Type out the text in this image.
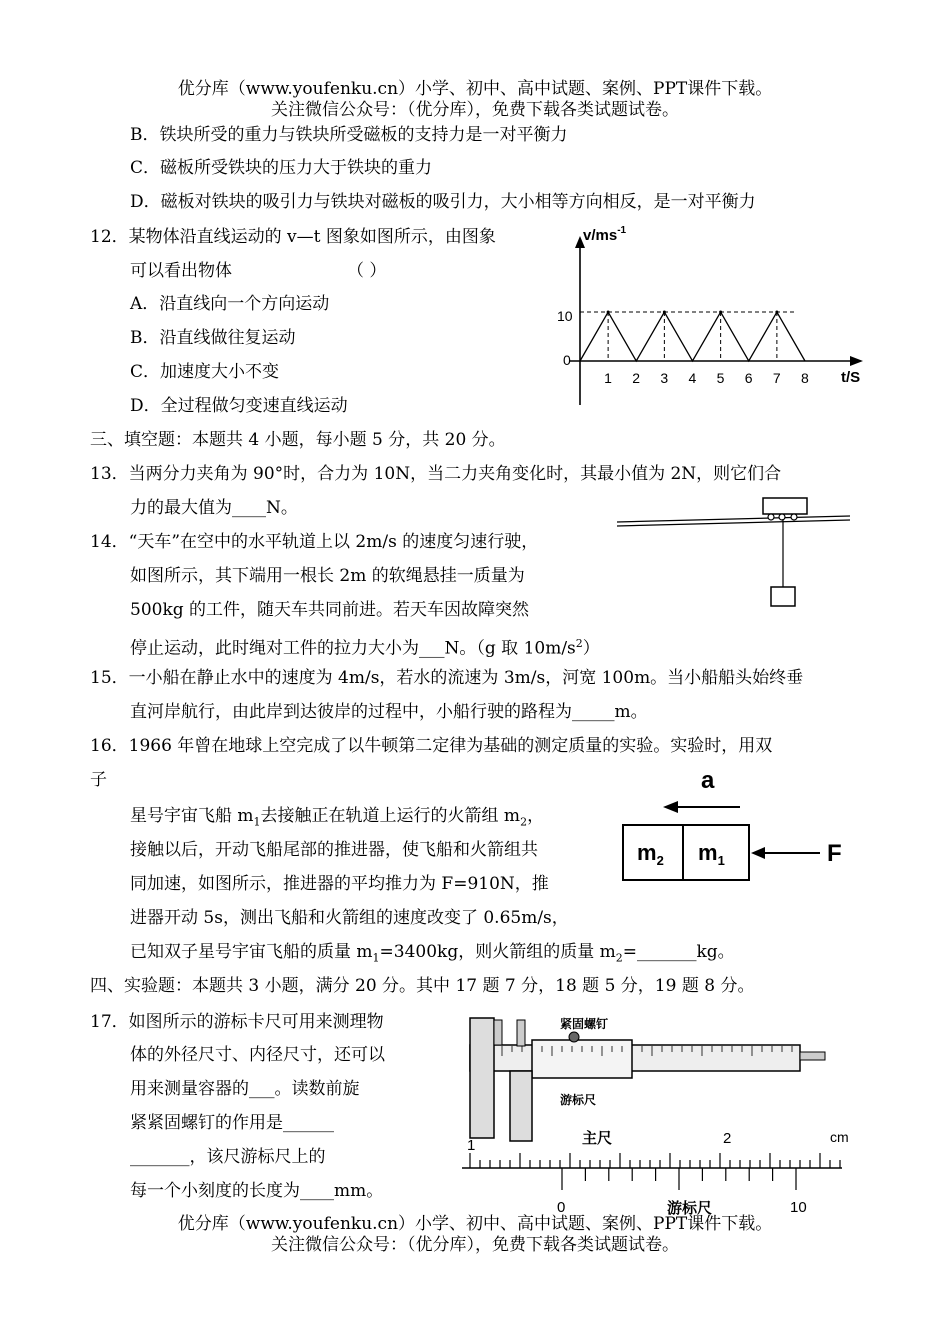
优分库（www.youfenku.cn）小学、初中、高中试题、案例、PPT课件下载。
关注微信公众号：（优分库），免费下载各类试题试卷。
B．铁块所受的重力与铁块所受磁板的支持力是一对平衡力
C．磁板所受铁块的压力大于铁块的重力
D．磁板对铁块的吸引力与铁块对磁板的吸引力，大小相等方向相反，是一对平衡力
12．某物体沿直线运动的 v—t 图象如图所示，由图象
可以看出物体	（ ）
A．沿直线向一个方向运动
B．沿直线做往复运动
C．加速度大小不变
D．全过程做匀变速直线运动
$v/ms^{-1}$
t/S
10
0
1 2 3 4 5 6 7 8
三、填空题：本题共 4 小题，每小题 5 分，共 20 分。
13．当两分力夹角为 90°时，合力为 10N，当二力夹角变化时，其最小值为 2N，则它们合
力的最大值为____N。
14．“天车”在空中的水平轨道上以 2m/s 的速度匀速行驶，
如图所示，其下端用一根长 2m 的软绳悬挂一质量为
500kg 的工件，随天车共同前进。若天车因故障突然
停止运动，此时绳对工件的拉力大小为___N。（g 取 $10m/s^2$）
15．一小船在静止水中的速度为 4m/s，若水的流速为 3m/s，河宽 100m。当小船船头始终垂
直河岸航行，由此岸到达彼岸的过程中，小船行驶的路程为_____m。
16．1966 年曾在地球上空完成了以牛顿第二定律为基础的测定质量的实验。实验时，用双
子
星号宇宙飞船 $m_1$去接触正在轨道上运行的火箭组 $m_2$，
接触以后，开动飞船尾部的推进器，使飞船和火箭组共
同加速，如图所示，推进器的平均推力为 F=910N，推
进器开动 5s，测出飞船和火箭组的速度改变了 0.65m/s，
已知双子星号宇宙飞船的质量 $m_1=3400kg$，则火箭组的质量 $m_2=\_\_\_\_\_\_\_kg$。
a
$m_2$ $m_1$	F
四、实验题：本题共 3 小题，满分 20 分。其中 17 题 7 分，18 题 5 分，19 题 8 分。
17．如图所示的游标卡尺可用来测理物
体的外径尺寸、内径尺寸，还可以
用来测量容器的___。读数前旋
紧紧固螺钉的作用是______
_______，该尺游标尺上的
每一个小刻度的长度为____mm。
紧固螺钉
游标尺
1	2	cm
主尺
0	10
游标尺
优分库（www.youfenku.cn）小学、初中、高中试题、案例、PPT课件下载。
关注微信公众号：（优分库），免费下载各类试题试卷。
